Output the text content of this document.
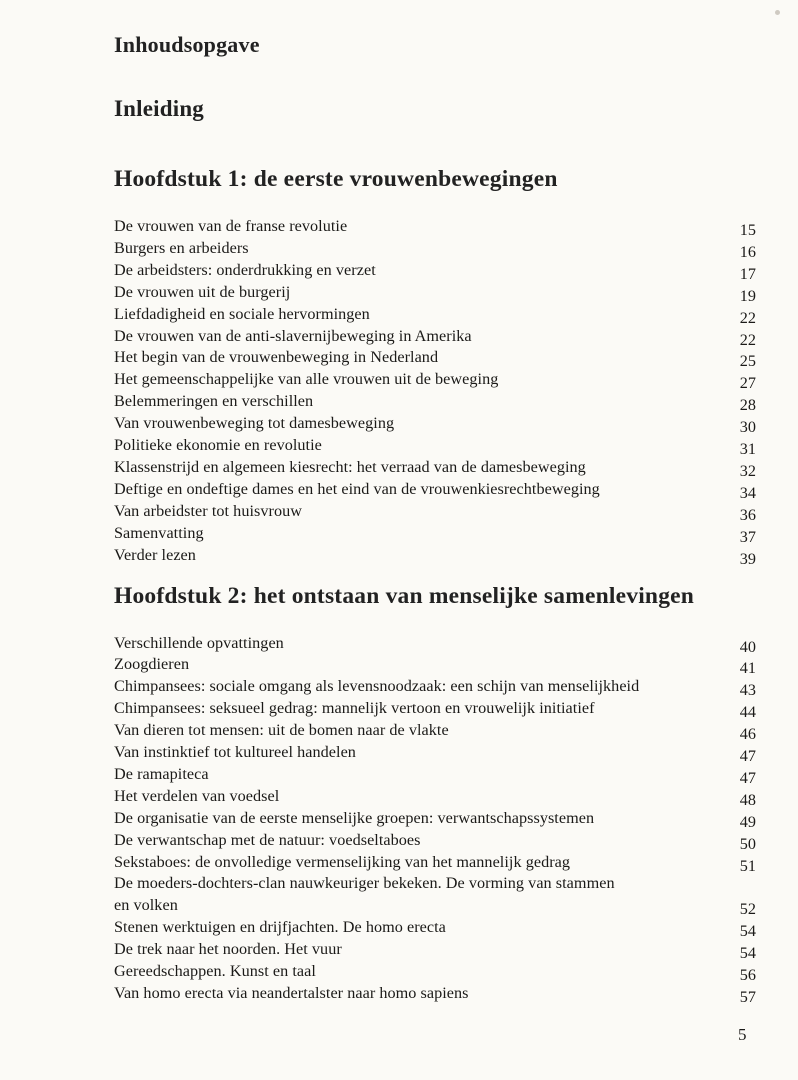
Inhoudsopgave
Inleiding
Hoofdstuk 1: de eerste vrouwenbewegingen
De vrouwen van de franse revolutie	15
Burgers en arbeiders	16
De arbeidsters: onderdrukking en verzet	17
De vrouwen uit de burgerij	19
Liefdadigheid en sociale hervormingen	22
De vrouwen van de anti-slavernijbeweging in Amerika	22
Het begin van de vrouwenbeweging in Nederland	25
Het gemeenschappelijke van alle vrouwen uit de beweging	27
Belemmeringen en verschillen	28
Van vrouwenbeweging tot damesbeweging	30
Politieke ekonomie en revolutie	31
Klassenstrijd en algemeen kiesrecht: het verraad van de damesbeweging	32
Deftige en ondeftige dames en het eind van de vrouwenkiesrechtbeweging	34
Van arbeidster tot huisvrouw	36
Samenvatting	37
Verder lezen	39
Hoofdstuk 2: het ontstaan van menselijke samenlevingen
Verschillende opvattingen	40
Zoogdieren	41
Chimpansees: sociale omgang als levensnoodzaak: een schijn van menselijkheid	43
Chimpansees: seksueel gedrag: mannelijk vertoon en vrouwelijk initiatief	44
Van dieren tot mensen: uit de bomen naar de vlakte	46
Van instinktief tot kultureel handelen	47
De ramapiteca	47
Het verdelen van voedsel	48
De organisatie van de eerste menselijke groepen: verwantschapssystemen	49
De verwantschap met de natuur: voedseltaboes	50
Sekstaboes: de onvolledige vermenselijking van het mannelijk gedrag	51
De moeders-dochters-clan nauwkeuriger bekeken. De vorming van stammen
en volken	52
Stenen werktuigen en drijfjachten. De homo erecta	54
De trek naar het noorden. Het vuur	54
Gereedschappen. Kunst en taal	56
Van homo erecta via neandertalster naar homo sapiens	57
5
